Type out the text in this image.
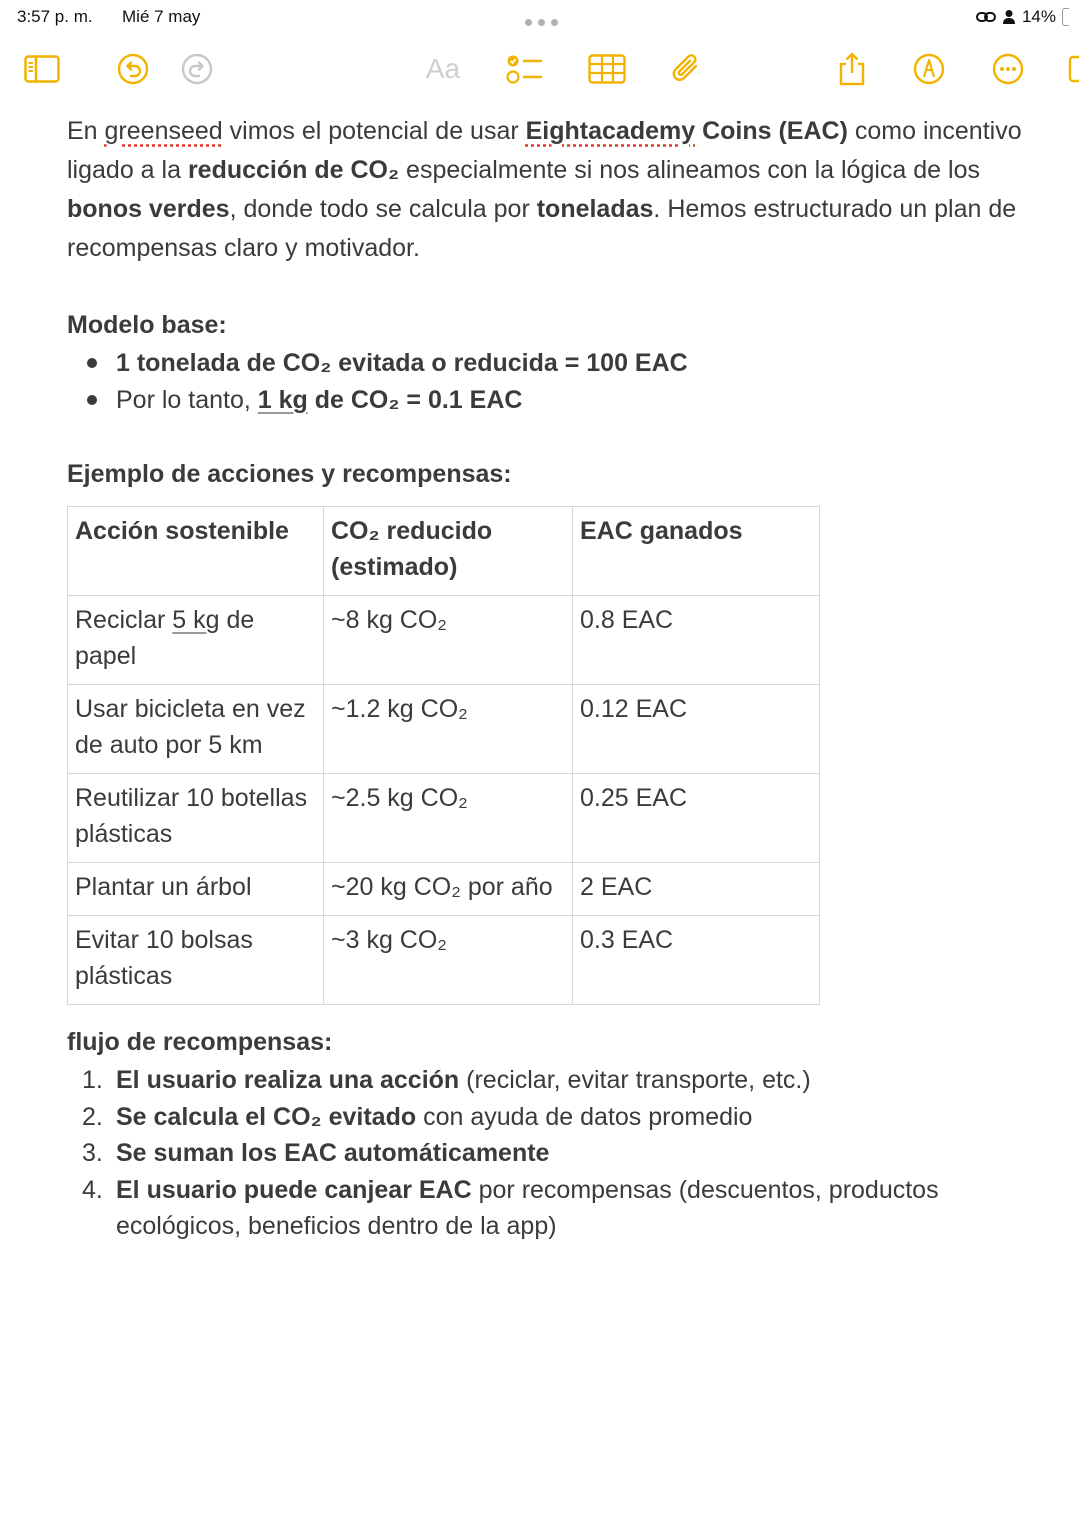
3:57 p. m. Mié 7 may	14%
Aa

En greenseed vimos el potencial de usar Eightacademy Coins (EAC) como incentivo ligado a la reducción de CO₂ especialmente si nos alineamos con la lógica de los bonos verdes, donde todo se calcula por toneladas. Hemos estructurado un plan de recompensas claro y motivador.

Modelo base:

1 tonelada de CO₂ evitada o reducida = 100 EAC
Por lo tanto, 1 kg de CO₂ = 0.1 EAC

Ejemplo de acciones y recompensas:

Acción sostenible	CO₂ reducido (estimado)	EAC ganados
Reciclar 5 kg de papel	~8 kg CO₂	0.8 EAC
Usar bicicleta en vez de auto por 5 km	~1.2 kg CO₂	0.12 EAC
Reutilizar 10 botellas plásticas	~2.5 kg CO₂	0.25 EAC
Plantar un árbol	~20 kg CO₂ por año	2 EAC
Evitar 10 bolsas plásticas	~3 kg CO₂	0.3 EAC

flujo de recompensas:

1. El usuario realiza una acción (reciclar, evitar transporte, etc.)
2. Se calcula el CO₂ evitado con ayuda de datos promedio
3. Se suman los EAC automáticamente
4. El usuario puede canjear EAC por recompensas (descuentos, productos ecológicos, beneficios dentro de la app)
